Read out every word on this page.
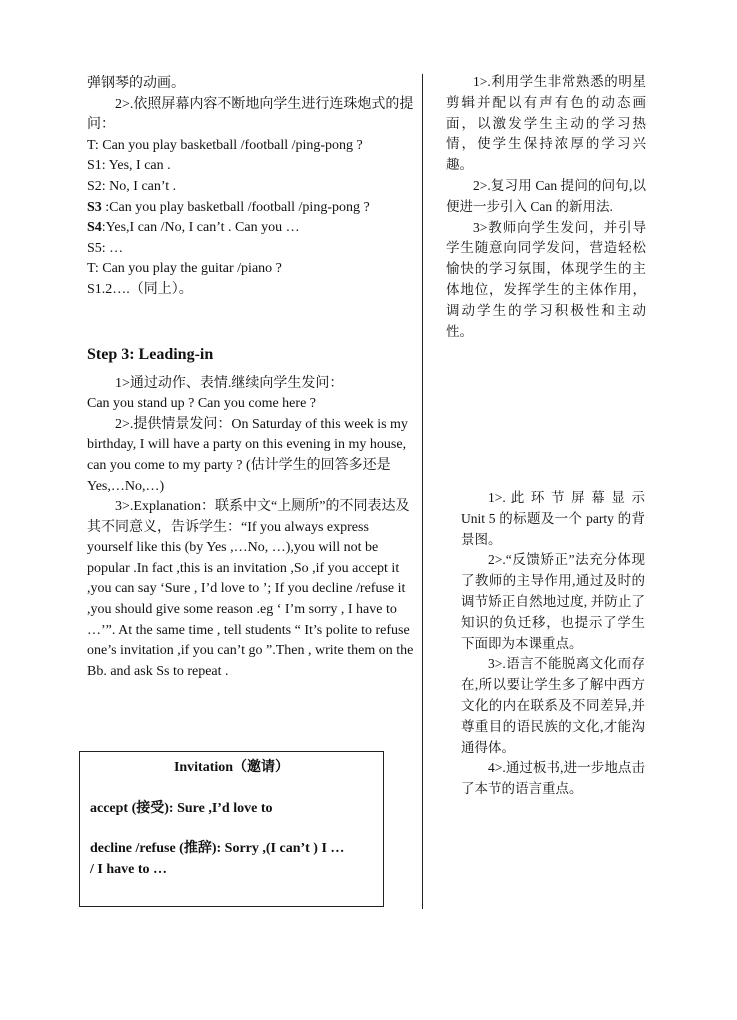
弹钢琴的动画。

2>.依照屏幕内容不断地向学生进行连珠炮式的提问：

T: Can you play basketball /football /ping-pong ?

S1: Yes, I can .

S2: No, I can’t .

S3 :Can you play basketball /football /ping-pong ?

S4:Yes,I can /No, I can’t . Can you …

S5: …

T: Can you play the guitar /piano ?

S1.2….（同上）。

Step 3: Leading-in

1>通过动作、表情.继续向学生发问：

Can you stand up ? Can you come here ?

2>.提供情景发问：On Saturday of this week is my birthday, I will have a party on this evening in my house, can you come to my party ? (估计学生的回答多还是 Yes,…No,…)

3>.Explanation：联系中文“上厕所”的不同表达及其不同意义，告诉学生：“If you always express yourself like this (by Yes ,…No, …),you will not be popular .In fact ,this is an invitation ,So ,if you accept it ,you can say ‘Sure , I’d love to ’; If you decline /refuse it ,you should give some reason .eg ‘ I’m sorry , I have to …’”. At the same time , tell students “ It’s polite to refuse one’s invitation ,if you can’t go ”.Then , write them on the Bb. and ask Ss to repeat .

Invitation（邀请）

accept (接受): Sure ,I’d love to

decline /refuse (推辞): Sorry ,(I can’t ) I …

/ I have to …

1>.利用学生非常熟悉的明星剪辑并配以有声有色的动态画面，以激发学生主动的学习热情，使学生保持浓厚的学习兴趣。

2>.复习用 Can 提问的问句,以便进一步引入 Can 的新用法.

3>教师向学生发问，并引导学生随意向同学发问，营造轻松愉快的学习氛围，体现学生的主体地位，发挥学生的主体作用，调动学生的学习积极性和主动性。

1>. 此 环 节 屏 幕 显 示 Unit 5 的标题及一个 party 的背景图。

2>.“反馈矫正”法充分体现了教师的主导作用,通过及时的调节矫正自然地过度, 并防止了知识的负迁移，也提示了学生下面即为本课重点。

3>.语言不能脱离文化而存在,所以要让学生多了解中西方文化的内在联系及不同差异,并尊重目的语民族的文化,才能沟通得体。

4>.通过板书,进一步地点击了本节的语言重点。
